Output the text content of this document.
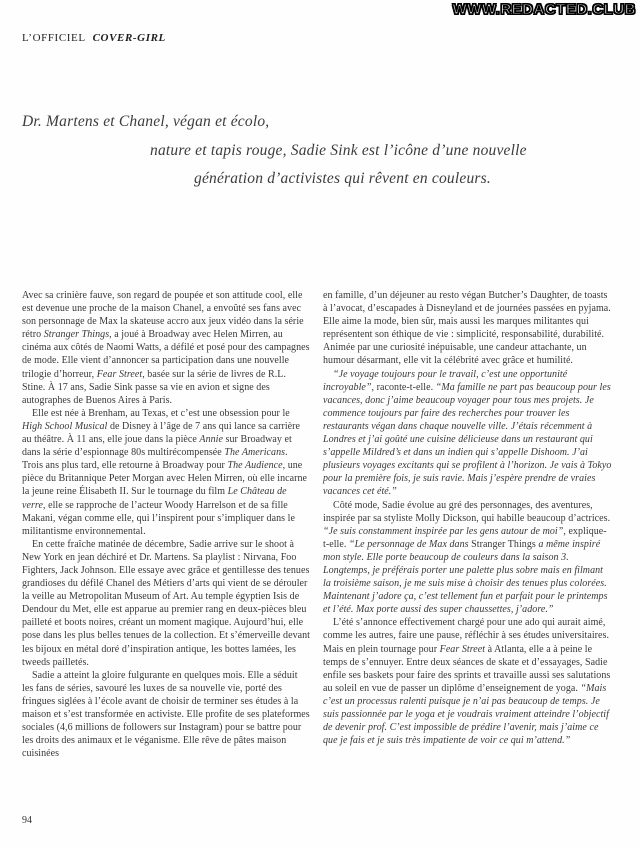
WWW.REDACTED.CLUB
L’OFFICIEL COVER-GIRL
Dr. Martens et Chanel, végan et écolo,
nature et tapis rouge, Sadie Sink est l’icône d’une nouvelle
génération d’activistes qui rêvent en couleurs.

Avec sa crinière fauve, son regard de poupée et son attitude cool, elle est devenue une proche de la maison Chanel, a envoûté ses fans avec son personnage de Max la skateuse accro aux jeux vidéo dans la série rétro Stranger Things, a joué à Broadway avec Helen Mirren, au cinéma aux côtés de Naomi Watts, a défilé et posé pour des campagnes de mode. Elle vient d’annoncer sa participation dans une nouvelle trilogie d’horreur, Fear Street, basée sur la série de livres de R.L. Stine. À 17 ans, Sadie Sink passe sa vie en avion et signe des autographes de Buenos Aires à Paris.

Elle est née à Brenham, au Texas, et c’est une obsession pour le High School Musical de Disney à l’âge de 7 ans qui lance sa carrière au théâtre. À 11 ans, elle joue dans la pièce Annie sur Broadway et dans la série d’espionnage 80s multirécompensée The Americans. Trois ans plus tard, elle retourne à Broadway pour The Audience, une pièce du Britannique Peter Morgan avec Helen Mirren, où elle incarne la jeune reine Élisabeth II. Sur le tournage du film Le Château de verre, elle se rapproche de l’acteur Woody Harrelson et de sa fille Makani, végan comme elle, qui l’inspirent pour s’impliquer dans le militantisme environnemental.

En cette fraîche matinée de décembre, Sadie arrive sur le shoot à New York en jean déchiré et Dr. Martens. Sa playlist : Nirvana, Foo Fighters, Jack Johnson. Elle essaye avec grâce et gentillesse des tenues grandioses du défilé Chanel des Métiers d’arts qui vient de se dérouler la veille au Metropolitan Museum of Art. Au temple égyptien Isis de Dendour du Met, elle est apparue au premier rang en deux-pièces bleu pailleté et boots noires, créant un moment magique. Aujourd’hui, elle pose dans les plus belles tenues de la collection. Et s’émerveille devant les bijoux en métal doré d’inspiration antique, les bottes lamées, les tweeds pailletés.

Sadie a atteint la gloire fulgurante en quelques mois. Elle a séduit les fans de séries, savouré les luxes de sa nouvelle vie, porté des fringues siglées à l’école avant de choisir de terminer ses études à la maison et s’est transformée en activiste. Elle profite de ses plateformes sociales (4,6 millions de followers sur Instagram) pour se battre pour les droits des animaux et le véganisme. Elle rêve de pâtes maison cuisinées

en famille, d’un déjeuner au resto végan Butcher’s Daughter, de toasts à l’avocat, d’escapades à Disneyland et de journées passées en pyjama. Elle aime la mode, bien sûr, mais aussi les marques militantes qui représentent son éthique de vie : simplicité, responsabilité, durabilité. Animée par une curiosité inépuisable, une candeur attachante, un humour désarmant, elle vit la célébrité avec grâce et humilité.

“Je voyage toujours pour le travail, c’est une opportunité incroyable”, raconte-t-elle. “Ma famille ne part pas beaucoup pour les vacances, donc j’aime beaucoup voyager pour tous mes projets. Je commence toujours par faire des recherches pour trouver les restaurants végan dans chaque nouvelle ville. J’étais récemment à Londres et j’ai goûté une cuisine délicieuse dans un restaurant qui s’appelle Mildred’s et dans un indien qui s’appelle Dishoom. J’ai plusieurs voyages excitants qui se profilent à l’horizon. Je vais à Tokyo pour la première fois, je suis ravie. Mais j’espère prendre de vraies vacances cet été.”

Côté mode, Sadie évolue au gré des personnages, des aventures, inspirée par sa styliste Molly Dickson, qui habille beaucoup d’actrices. “Je suis constamment inspirée par les gens autour de moi”, explique-t-elle. “Le personnage de Max dans Stranger Things a même inspiré mon style. Elle porte beaucoup de couleurs dans la saison 3. Longtemps, je préférais porter une palette plus sobre mais en filmant la troisième saison, je me suis mise à choisir des tenues plus colorées. Maintenant j’adore ça, c’est tellement fun et parfait pour le printemps et l’été. Max porte aussi des super chaussettes, j’adore.”

L’été s’annonce effectivement chargé pour une ado qui aurait aimé, comme les autres, faire une pause, réfléchir à ses études universitaires. Mais en plein tournage pour Fear Street à Atlanta, elle a à peine le temps de s’ennuyer. Entre deux séances de skate et d’essayages, Sadie enfile ses baskets pour faire des sprints et travaille aussi ses salutations au soleil en vue de passer un diplôme d’enseignement de yoga. “Mais c’est un processus ralenti puisque je n’ai pas beaucoup de temps. Je suis passionnée par le yoga et je voudrais vraiment atteindre l’objectif de devenir prof. C’est impossible de prédire l’avenir, mais j’aime ce que je fais et je suis très impatiente de voir ce qui m’attend.”

94
